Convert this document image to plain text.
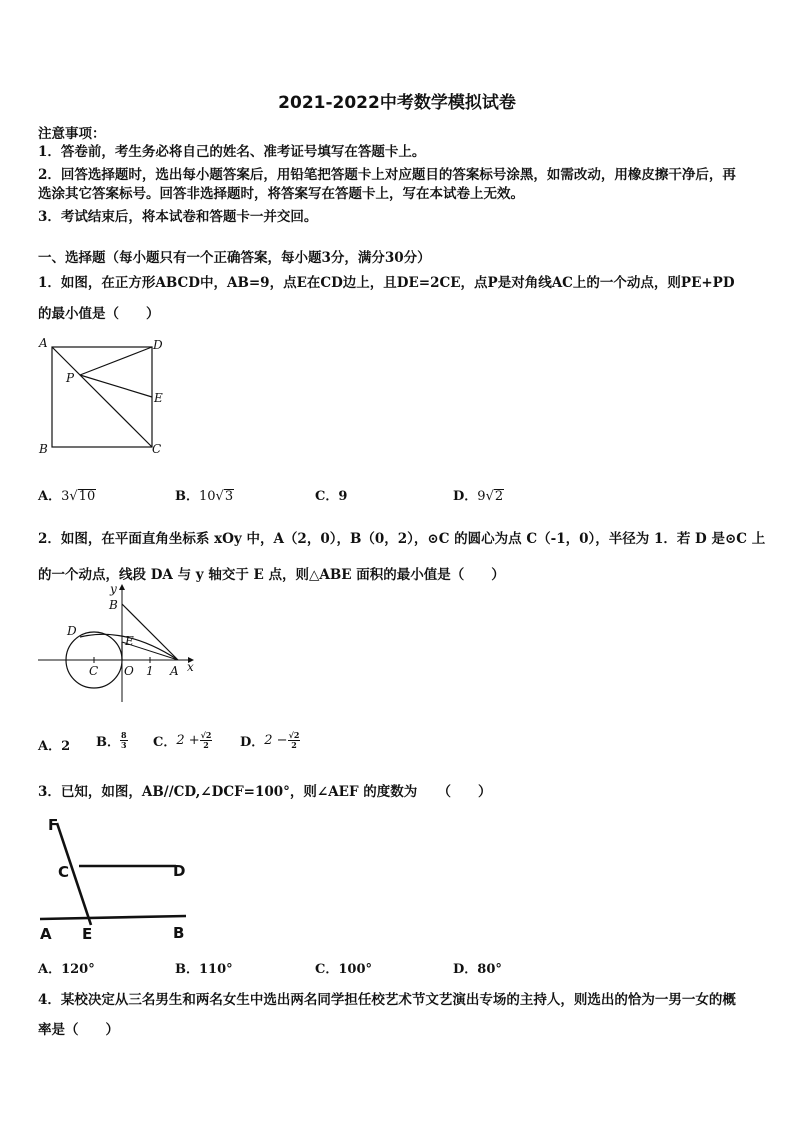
2021-2022中考数学模拟试卷
注意事项：
1．答卷前，考生务必将自己的姓名、准考证号填写在答题卡上。
2．回答选择题时，选出每小题答案后，用铅笔把答题卡上对应题目的答案标号涂黑，如需改动，用橡皮擦干净后，再
选涂其它答案标号。回答非选择题时，将答案写在答题卡上，写在本试卷上无效。
3．考试结束后，将本试卷和答题卡一并交回。
一、选择题（每小题只有一个正确答案，每小题3分，满分30分）
1．如图，在正方形ABCD中，AB=9，点E在CD边上，且DE=2CE，点P是对角线AC上的一个动点，则PE+PD
的最小值是（　　）
A	D
P
E
B	C
A．3√10	B．10√3	C．9	D．9√2
2．如图，在平面直角坐标系 xOy 中，A（2，0），B（0，2），⊙C 的圆心为点 C（-1，0），半径为 1．若 D 是⊙C 上
的一个动点，线段 DA 与 y 轴交于 E 点，则△ABE 面积的最小值是（　　）
y
B
D
E
C O 1 A x
A．2 B． $\frac{8}{3}$ C．$2 + \frac{√2}{2}$ D．$2 - \frac{√2}{2}$
3．已知，如图，AB//CD,∠DCF=100°，则∠AEF 的度数为　　（　　）
F
C	D
A E	B
A．120°	B．110°	C．100°	D．80°
4．某校决定从三名男生和两名女生中选出两名同学担任校艺术节文艺演出专场的主持人，则选出的恰为一男一女的概
率是（　　）
